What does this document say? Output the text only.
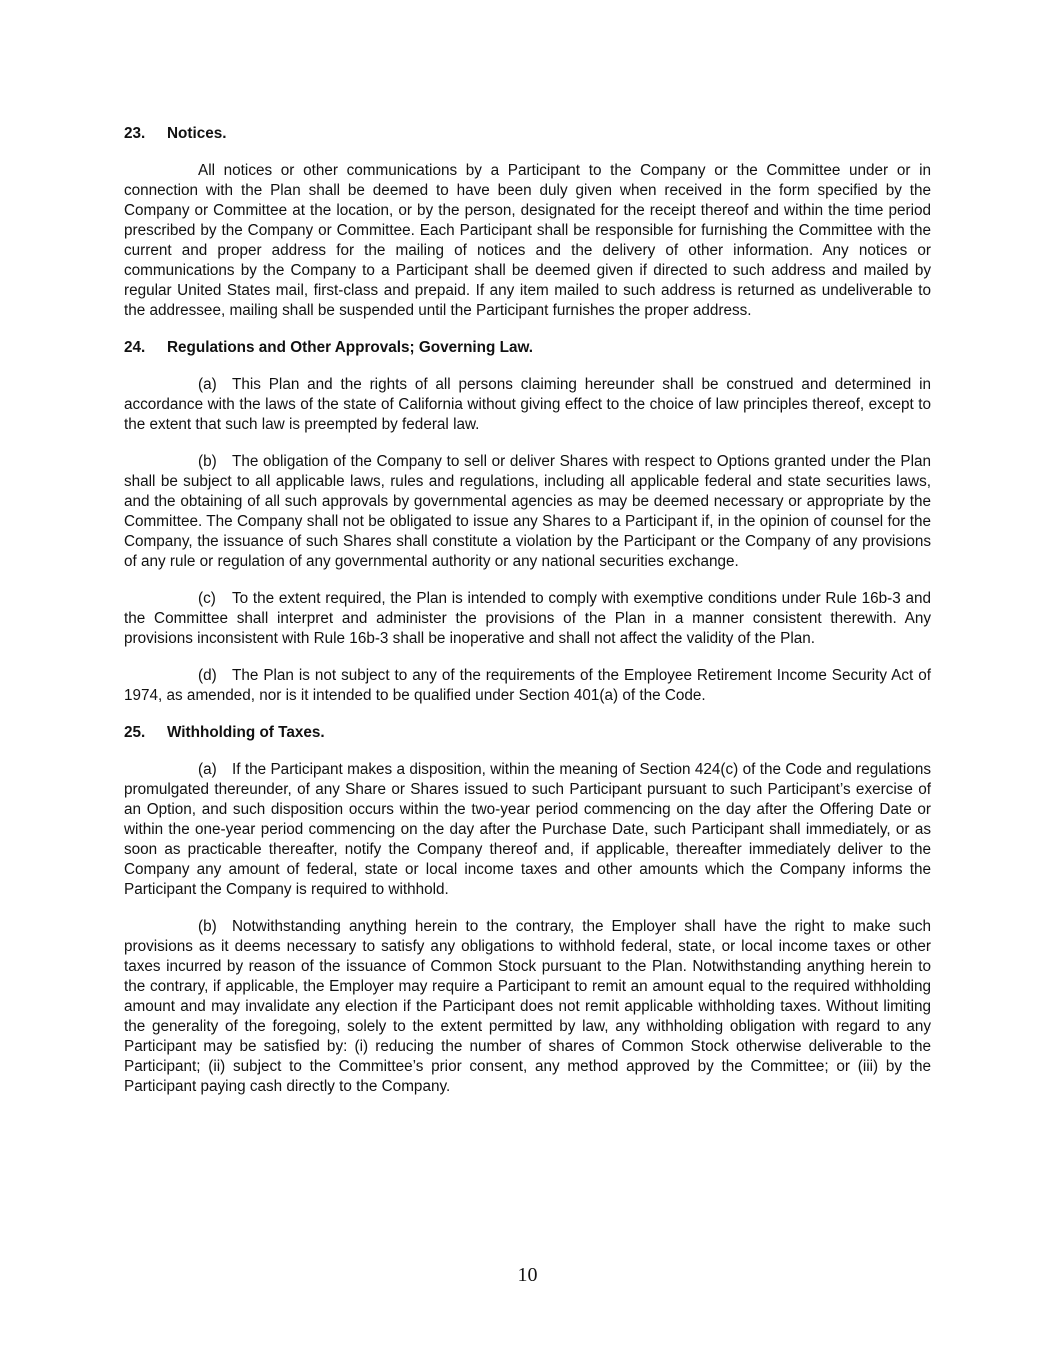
23. Notices.

All notices or other communications by a Participant to the Company or the Committee under or in connection with the Plan shall be deemed to have been duly given when received in the form specified by the Company or Committee at the location, or by the person, designated for the receipt thereof and within the time period prescribed by the Company or Committee. Each Participant shall be responsible for furnishing the Committee with the current and proper address for the mailing of notices and the delivery of other information. Any notices or communications by the Company to a Participant shall be deemed given if directed to such address and mailed by regular United States mail, first-class and prepaid. If any item mailed to such address is returned as undeliverable to the addressee, mailing shall be suspended until the Participant furnishes the proper address.

24. Regulations and Other Approvals; Governing Law.

(a) This Plan and the rights of all persons claiming hereunder shall be construed and determined in accordance with the laws of the state of California without giving effect to the choice of law principles thereof, except to the extent that such law is preempted by federal law.

(b) The obligation of the Company to sell or deliver Shares with respect to Options granted under the Plan shall be subject to all applicable laws, rules and regulations, including all applicable federal and state securities laws, and the obtaining of all such approvals by governmental agencies as may be deemed necessary or appropriate by the Committee. The Company shall not be obligated to issue any Shares to a Participant if, in the opinion of counsel for the Company, the issuance of such Shares shall constitute a violation by the Participant or the Company of any provisions of any rule or regulation of any governmental authority or any national securities exchange.

(c) To the extent required, the Plan is intended to comply with exemptive conditions under Rule 16b-3 and the Committee shall interpret and administer the provisions of the Plan in a manner consistent therewith. Any provisions inconsistent with Rule 16b-3 shall be inoperative and shall not affect the validity of the Plan.

(d) The Plan is not subject to any of the requirements of the Employee Retirement Income Security Act of 1974, as amended, nor is it intended to be qualified under Section 401(a) of the Code.

25. Withholding of Taxes.

(a) If the Participant makes a disposition, within the meaning of Section 424(c) of the Code and regulations promulgated thereunder, of any Share or Shares issued to such Participant pursuant to such Participant’s exercise of an Option, and such disposition occurs within the two-year period commencing on the day after the Offering Date or within the one-year period commencing on the day after the Purchase Date, such Participant shall immediately, or as soon as practicable thereafter, notify the Company thereof and, if applicable, thereafter immediately deliver to the Company any amount of federal, state or local income taxes and other amounts which the Company informs the Participant the Company is required to withhold.

(b) Notwithstanding anything herein to the contrary, the Employer shall have the right to make such provisions as it deems necessary to satisfy any obligations to withhold federal, state, or local income taxes or other taxes incurred by reason of the issuance of Common Stock pursuant to the Plan. Notwithstanding anything herein to the contrary, if applicable, the Employer may require a Participant to remit an amount equal to the required withholding amount and may invalidate any election if the Participant does not remit applicable withholding taxes. Without limiting the generality of the foregoing, solely to the extent permitted by law, any withholding obligation with regard to any Participant may be satisfied by: (i) reducing the number of shares of Common Stock otherwise deliverable to the Participant; (ii) subject to the Committee’s prior consent, any method approved by the Committee; or (iii) by the Participant paying cash directly to the Company.

10
